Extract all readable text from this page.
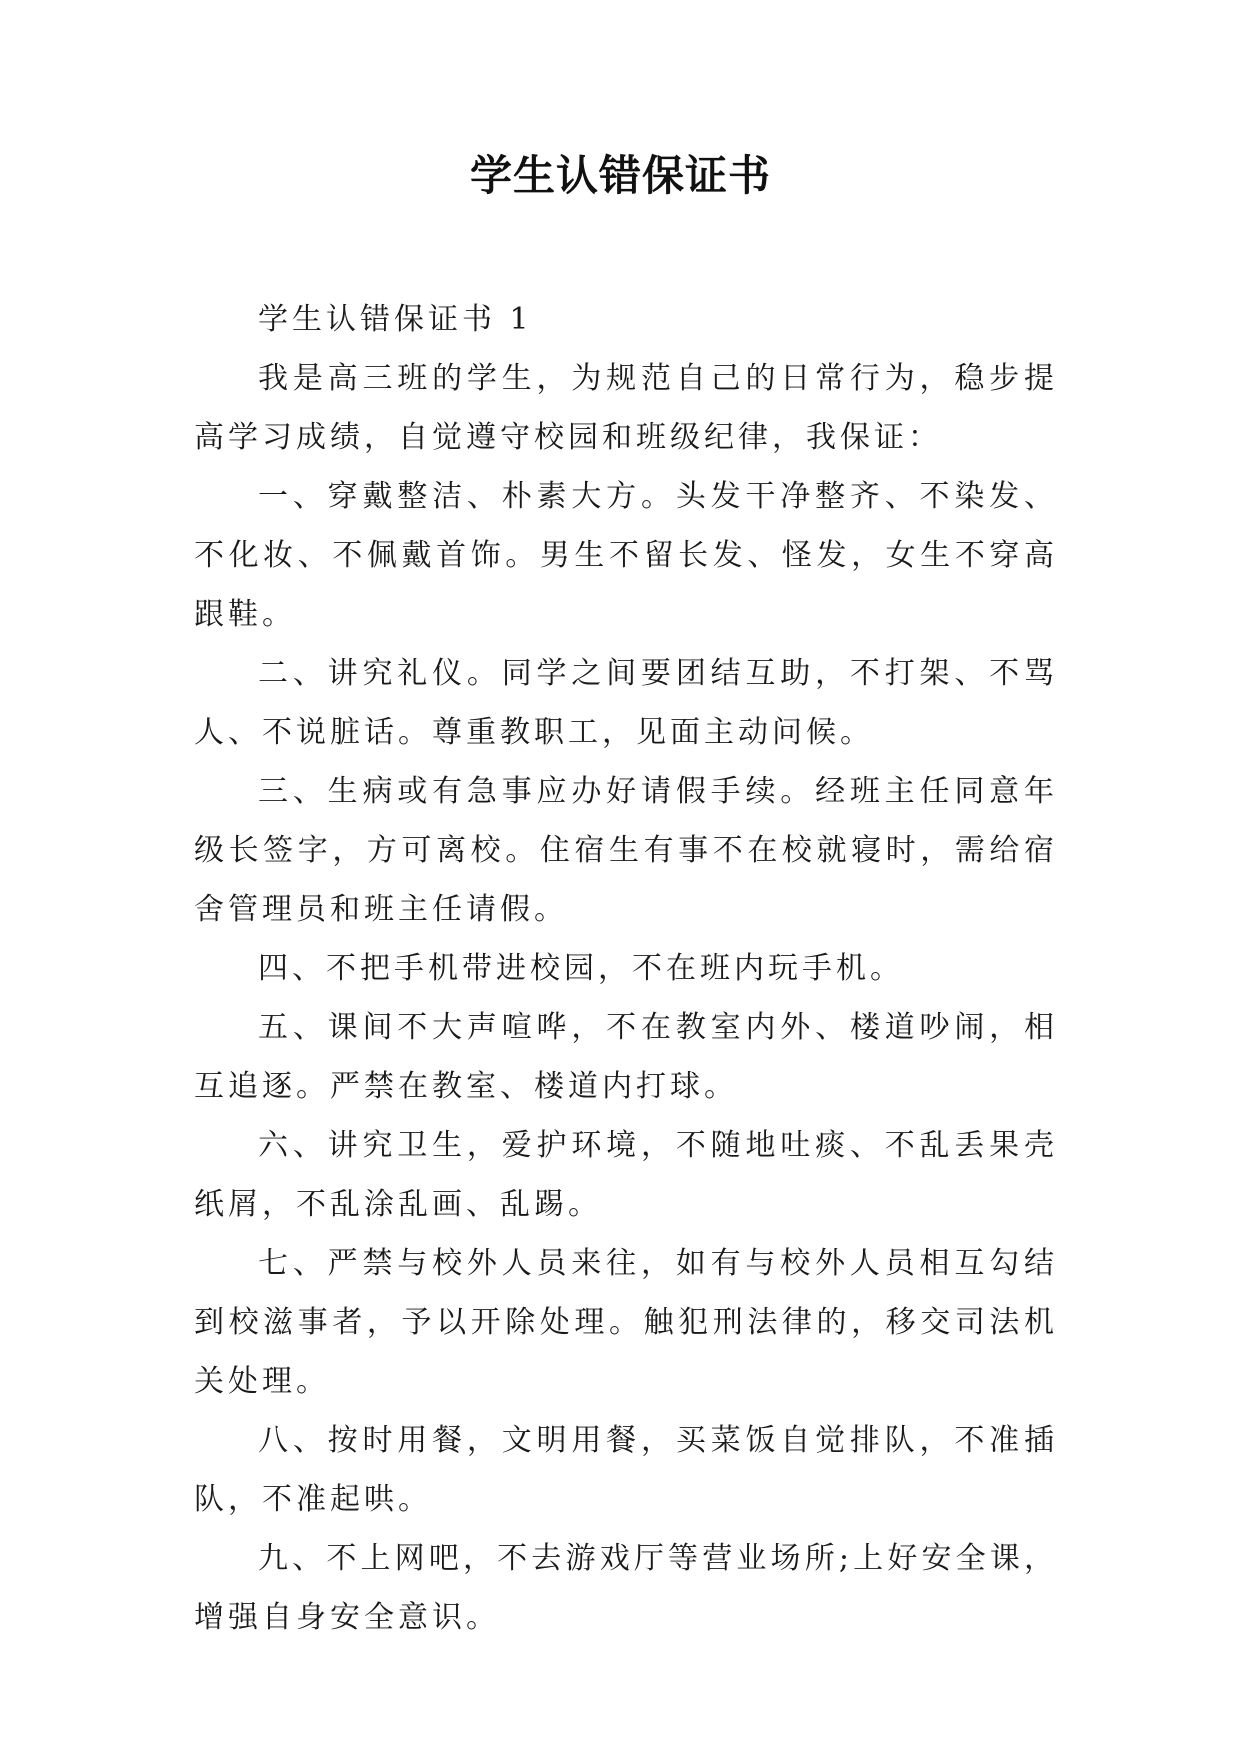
学生认错保证书

学生认错保证书 1

我是高三班的学生，为规范自己的日常行为，稳步提高学习成绩，自觉遵守校园和班级纪律，我保证：

一、穿戴整洁、朴素大方。头发干净整齐、不染发、不化妆、不佩戴首饰。男生不留长发、怪发，女生不穿高跟鞋。

二、讲究礼仪。同学之间要团结互助，不打架、不骂人、不说脏话。尊重教职工，见面主动问候。

三、生病或有急事应办好请假手续。经班主任同意年级长签字，方可离校。住宿生有事不在校就寝时，需给宿舍管理员和班主任请假。

四、不把手机带进校园，不在班内玩手机。

五、课间不大声喧哗，不在教室内外、楼道吵闹，相互追逐。严禁在教室、楼道内打球。

六、讲究卫生，爱护环境，不随地吐痰、不乱丢果壳纸屑，不乱涂乱画、乱踢。

七、严禁与校外人员来往，如有与校外人员相互勾结到校滋事者，予以开除处理。触犯刑法律的，移交司法机关处理。

八、按时用餐，文明用餐，买菜饭自觉排队，不准插队，不准起哄。

九、不上网吧，不去游戏厅等营业场所;上好安全课，增强自身安全意识。
